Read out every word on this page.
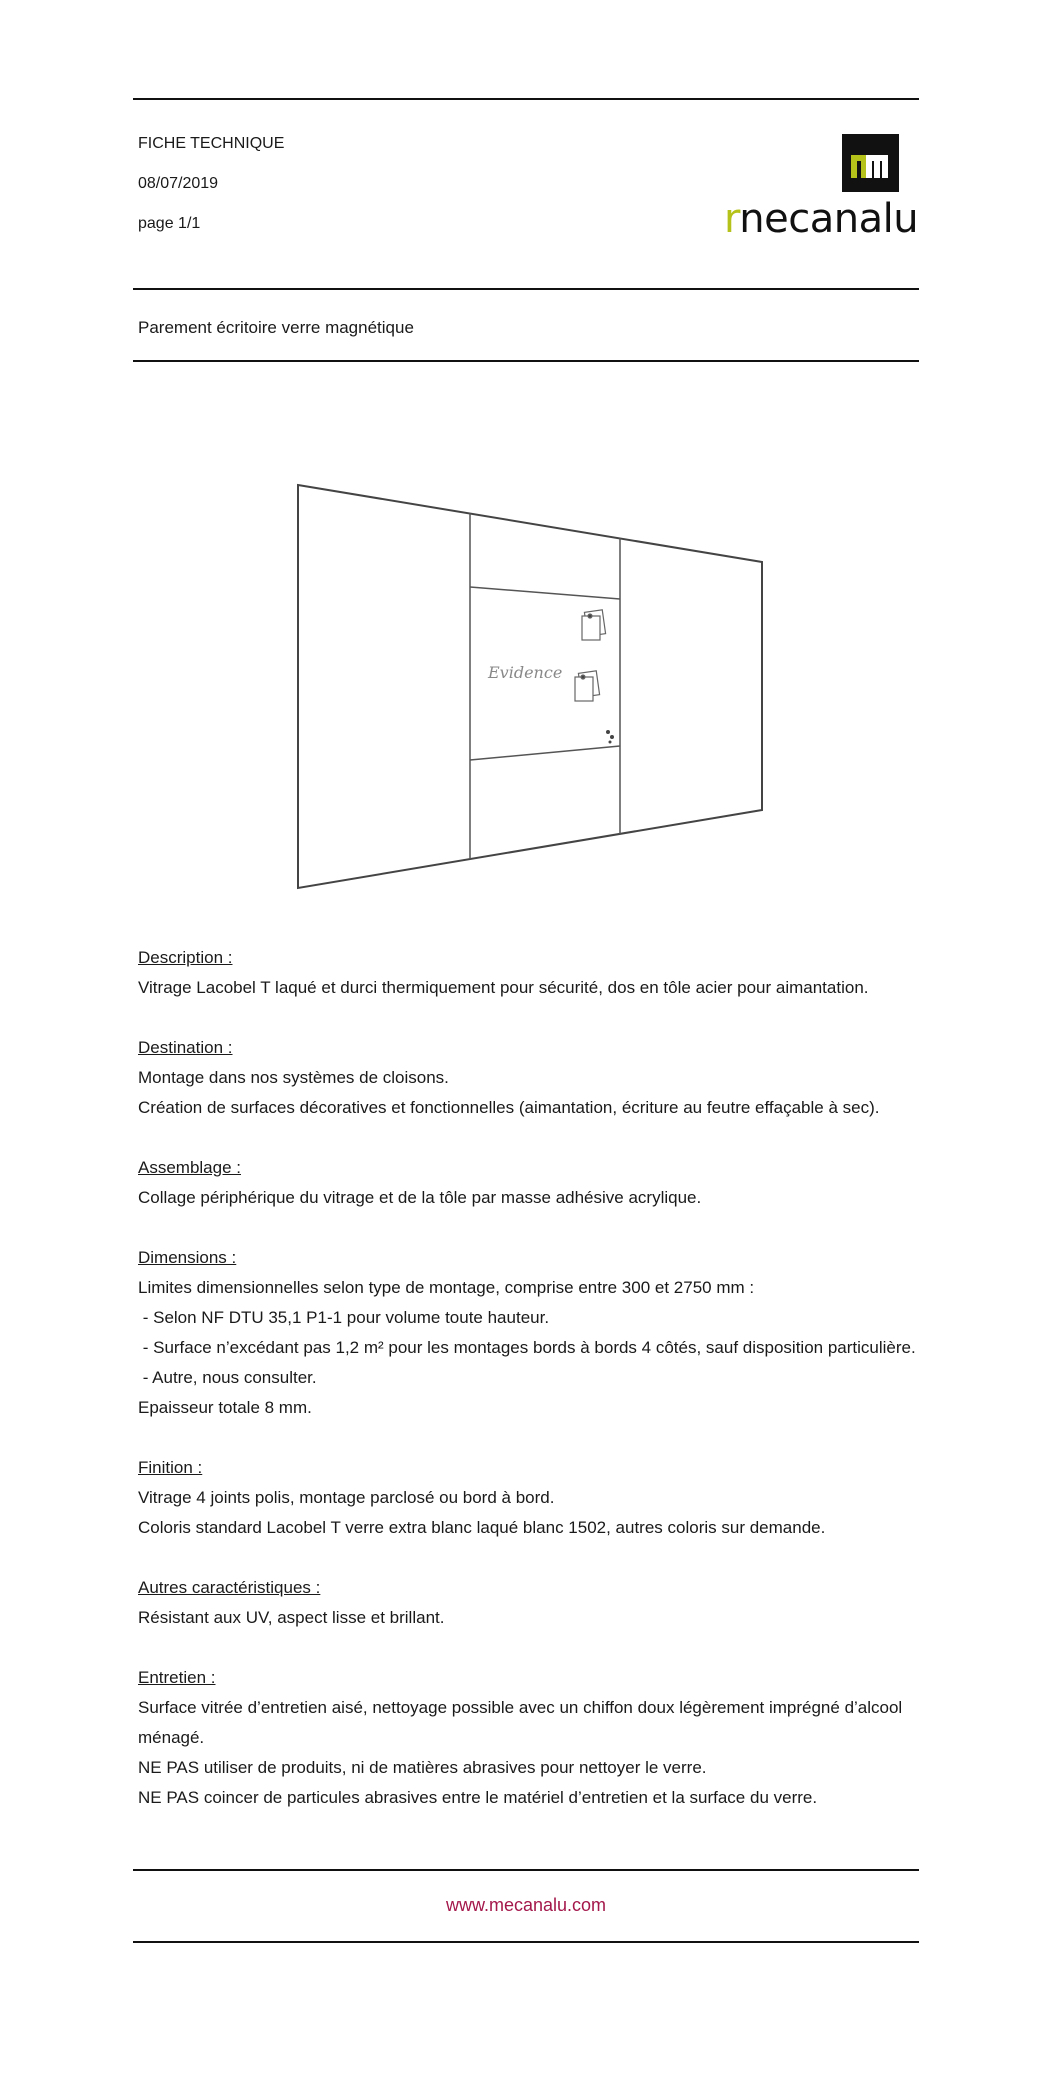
FICHE TECHNIQUE
08/07/2019
page 1/1	rnecanalu
Parement écritoire verre magnétique
Evidence
Description :

Vitrage Lacobel T laqué et durci thermiquement pour sécurité, dos en tôle acier pour aimantation.

Destination :

Montage dans nos systèmes de cloisons.

Création de surfaces décoratives et fonctionnelles (aimantation, écriture au feutre effaçable à sec).

Assemblage :

Collage périphérique du vitrage et de la tôle par masse adhésive acrylique.

Dimensions :

Limites dimensionnelles selon type de montage, comprise entre 300 et 2750 mm :

- Selon NF DTU 35,1 P1-1 pour volume toute hauteur.

- Surface n’excédant pas 1,2 m² pour les montages bords à bords 4 côtés, sauf disposition particulière.

- Autre, nous consulter.

Epaisseur totale 8 mm.

Finition :

Vitrage 4 joints polis, montage parclosé ou bord à bord.

Coloris standard Lacobel T verre extra blanc laqué blanc 1502, autres coloris sur demande.

Autres caractéristiques :

Résistant aux UV, aspect lisse et brillant.

Entretien :

Surface vitrée d’entretien aisé, nettoyage possible avec un chiffon doux légèrement imprégné d’alcool ménagé.

NE PAS utiliser de produits, ni de matières abrasives pour nettoyer le verre.

NE PAS coincer de particules abrasives entre le matériel d’entretien et la surface du verre.

www.mecanalu.com
